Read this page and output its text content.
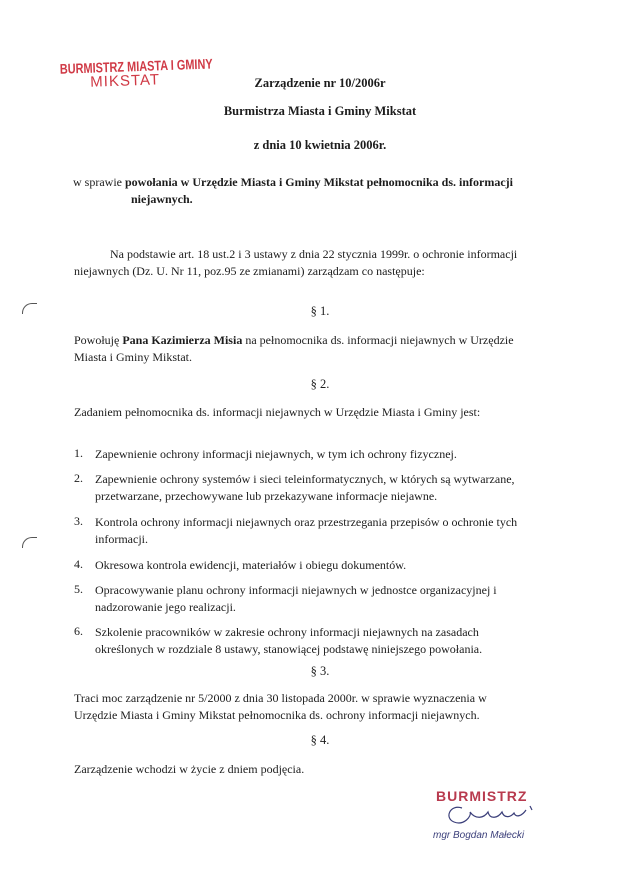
BURMISTRZ MIASTA I GMINY
MIKSTAT	Zarządzenie nr 10/2006r
Burmistrza Miasta i Gminy Mikstat
z dnia 10 kwietnia 2006r.
w sprawie powołania w Urzędzie Miasta i Gminy Mikstat pełnomocnika ds. informacji
niejawnych.
Na podstawie art. 18 ust.2 i 3 ustawy z dnia 22 stycznia 1999r. o ochronie informacji
niejawnych (Dz. U. Nr 11, poz.95 ze zmianami) zarządzam co następuje:
§ 1.
Powołuję Pana Kazimierza Misia na pełnomocnika ds. informacji niejawnych w Urzędzie
Miasta i Gminy Mikstat.
§ 2.
Zadaniem pełnomocnika ds. informacji niejawnych w Urzędzie Miasta i Gminy jest:
1. Zapewnienie ochrony informacji niejawnych, w tym ich ochrony fizycznej.
2. Zapewnienie ochrony systemów i sieci teleinformatycznych, w których są wytwarzane,
przetwarzane, przechowywane lub przekazywane informacje niejawne.
3. Kontrola ochrony informacji niejawnych oraz przestrzegania przepisów o ochronie tych
informacji.
4. Okresowa kontrola ewidencji, materiałów i obiegu dokumentów.
5. Opracowywanie planu ochrony informacji niejawnych w jednostce organizacyjnej i
nadzorowanie jego realizacji.
6. Szkolenie pracowników w zakresie ochrony informacji niejawnych na zasadach
określonych w rozdziale 8 ustawy, stanowiącej podstawę niniejszego powołania.
§ 3.
Traci moc zarządzenie nr 5/2000 z dnia 30 listopada 2000r. w sprawie wyznaczenia w
Urzędzie Miasta i Gminy Mikstat pełnomocnika ds. ochrony informacji niejawnych.
§ 4.
Zarządzenie wchodzi w życie z dniem podjęcia.
BURMISTRZ
mgr Bogdan Małecki
